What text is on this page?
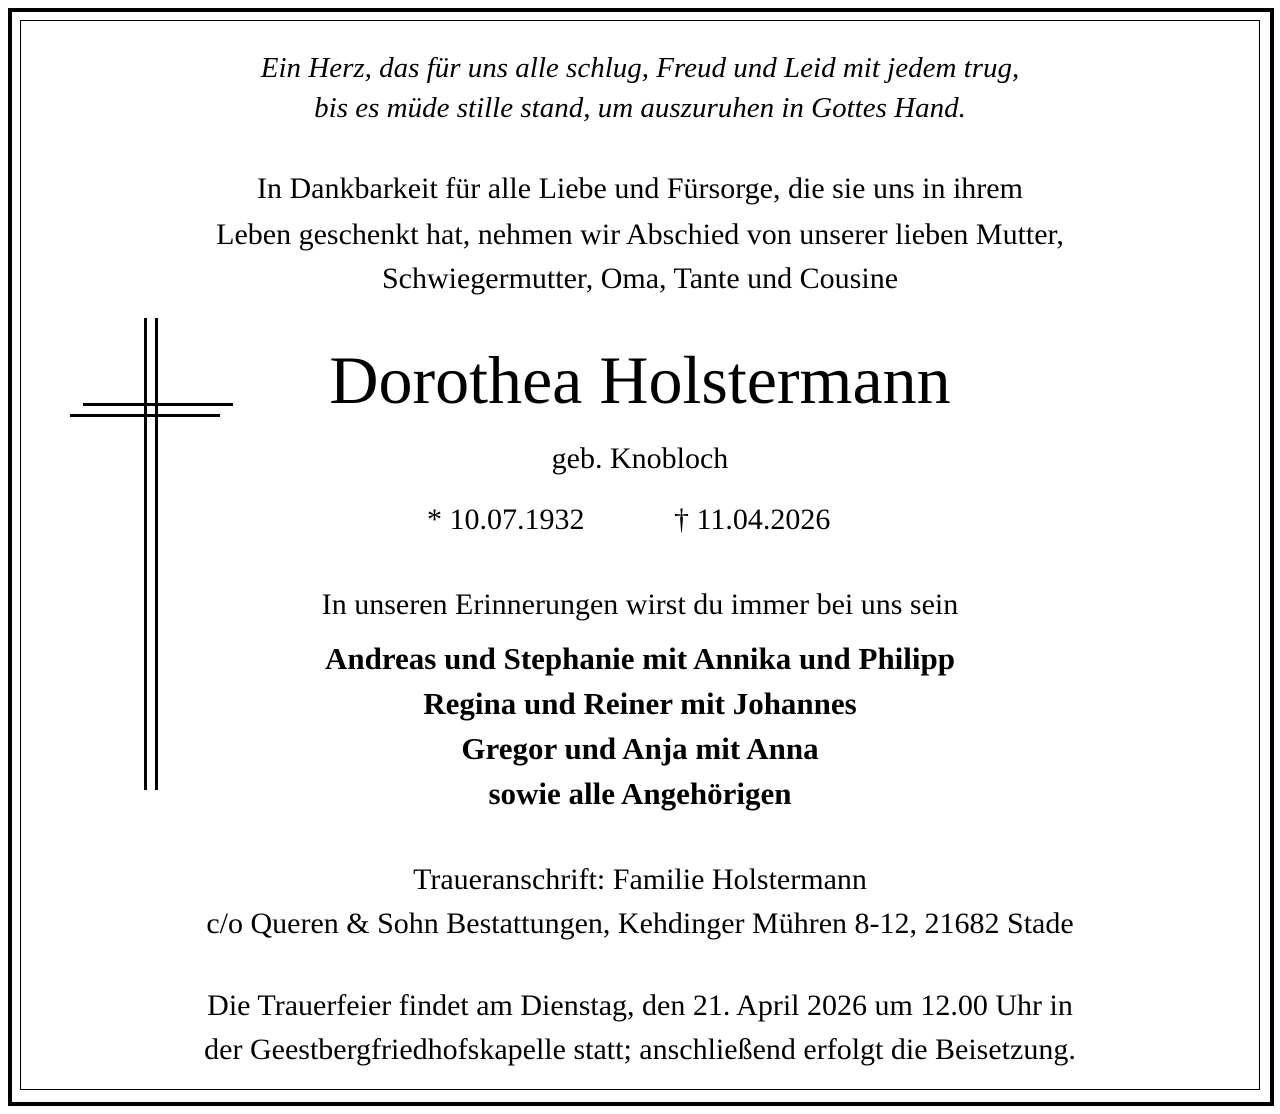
Ein Herz, das für uns alle schlug, Freud und Leid mit jedem trug,
bis es müde stille stand, um auszuruhen in Gottes Hand.
In Dankbarkeit für alle Liebe und Fürsorge, die sie uns in ihrem
Leben geschenkt hat, nehmen wir Abschied von unserer lieben Mutter,
Schwiegermutter, Oma, Tante und Cousine
Dorothea Holstermann
geb. Knobloch
* 10.07.1932	† 11.04.2026
In unseren Erinnerungen wirst du immer bei uns sein
Andreas und Stephanie mit Annika und Philipp
Regina und Reiner mit Johannes
Gregor und Anja mit Anna
sowie alle Angehörigen
Traueranschrift: Familie Holstermann
c/o Queren & Sohn Bestattungen, Kehdinger Mühren 8-12, 21682 Stade
Die Trauerfeier findet am Dienstag, den 21. April 2026 um 12.00 Uhr in
der Geestbergfriedhofskapelle statt; anschließend erfolgt die Beisetzung.
